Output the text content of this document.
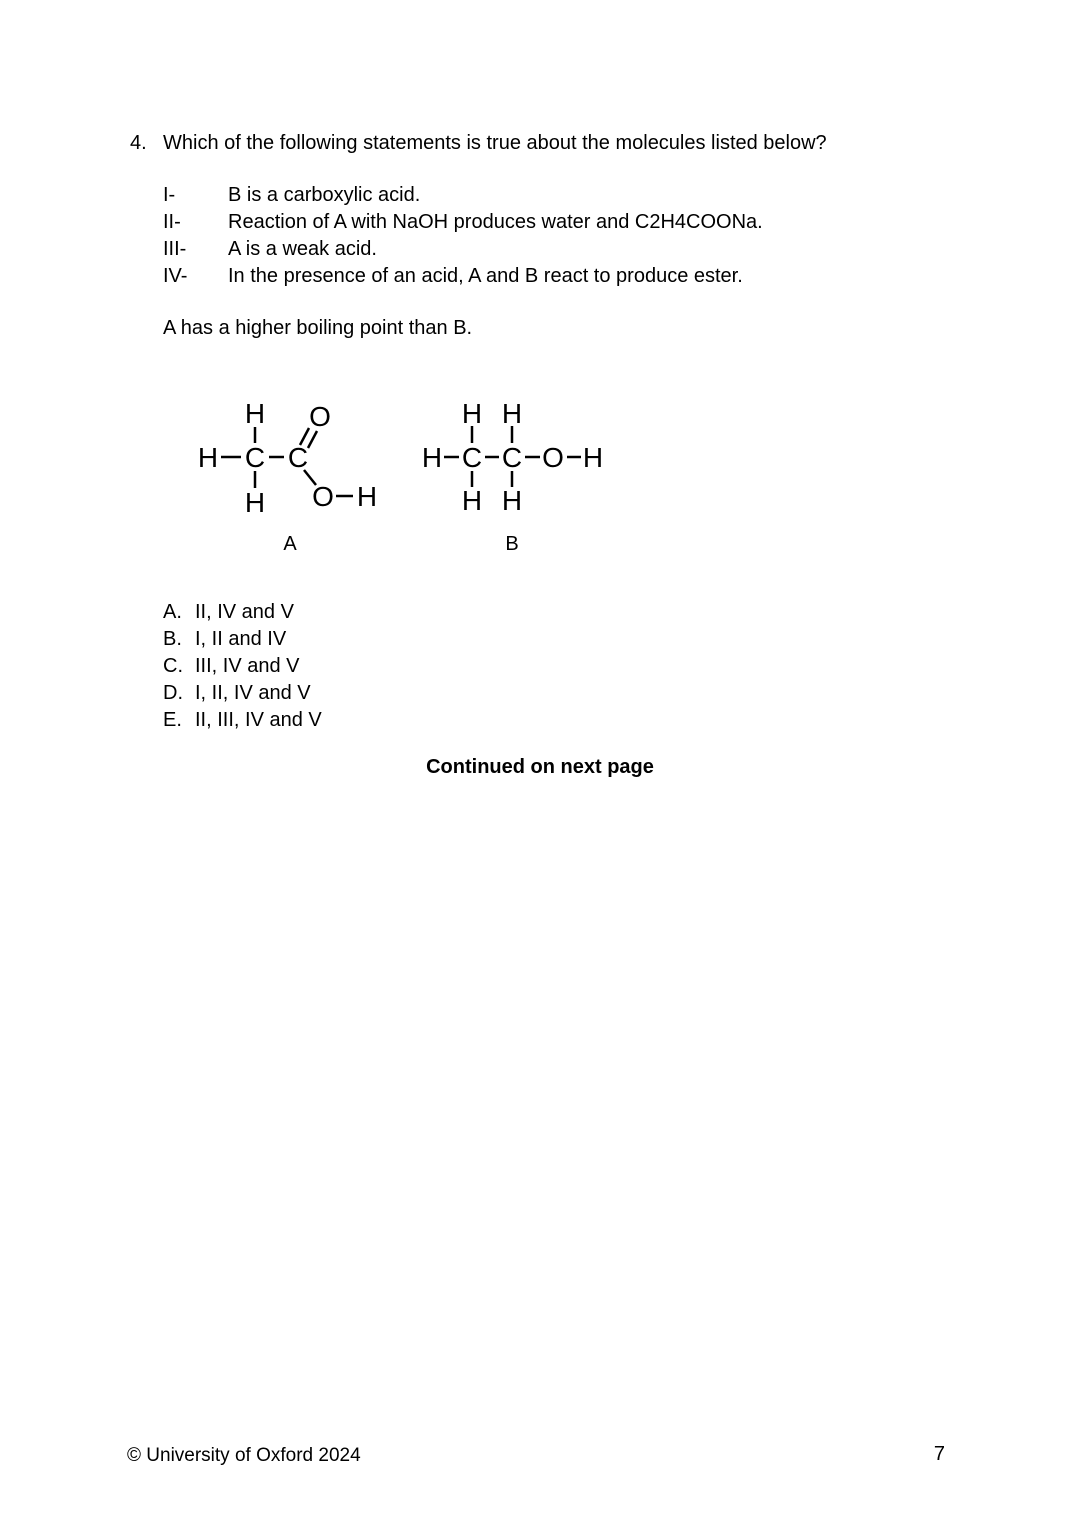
4. Which of the following statements is true about the molecules listed below?
I-	B is a carboxylic acid.
II-	Reaction of A with NaOH produces water and C2H4COONa.
III-	A is a weak acid.
IV-	In the presence of an acid, A and B react to produce ester.
A has a higher boiling point than B.
H
H C C
O
O H
H
H C C O H
H H
H H
A	B
A. II, IV and V
B. I, II and IV
C. III, IV and V
D. I, II, IV and V
E. II, III, IV and V
Continued on next page
© University of Oxford 2024	7
